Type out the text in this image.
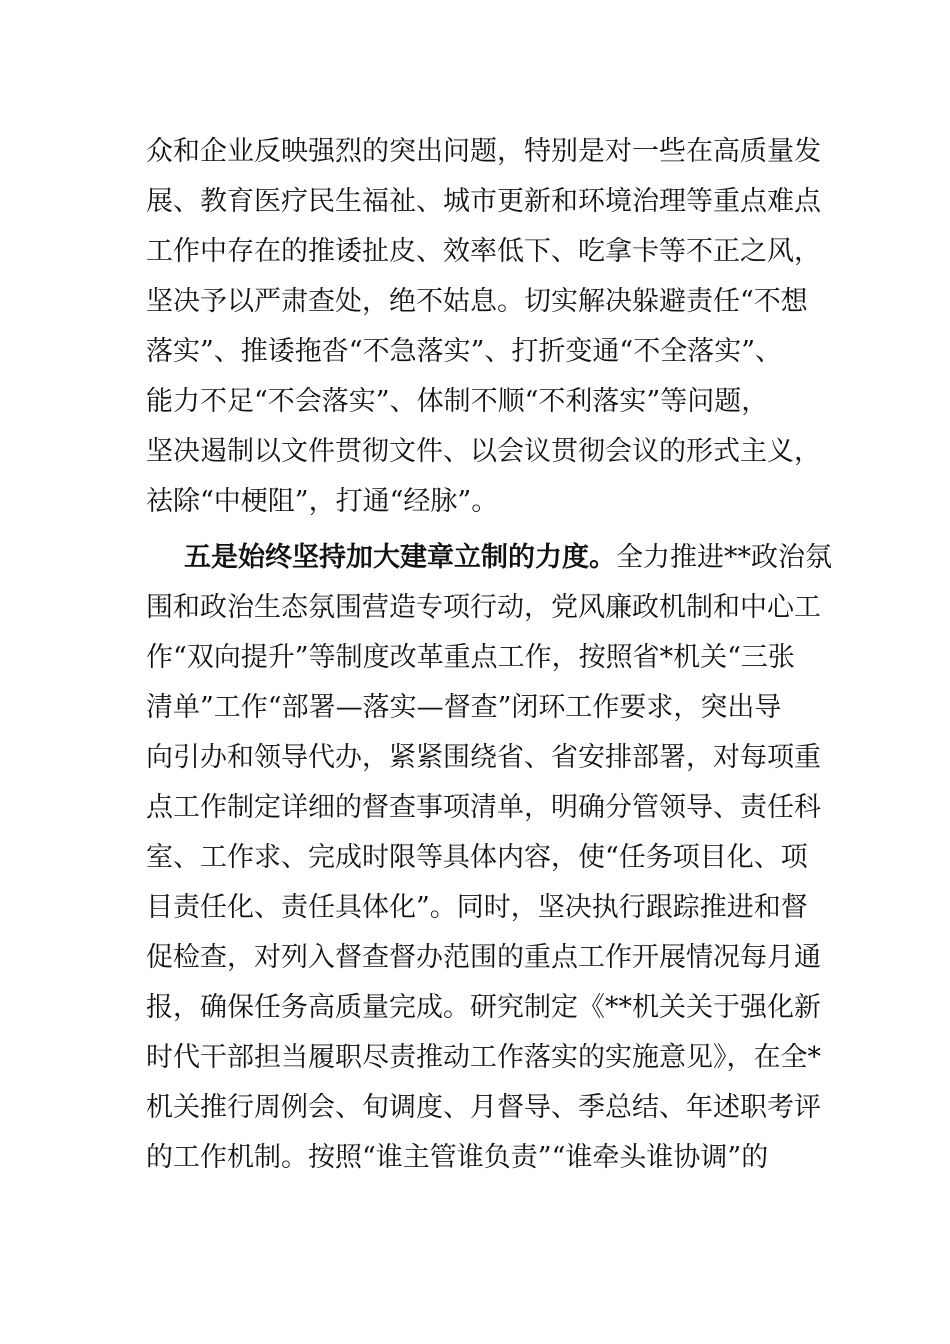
众和企业反映强烈的突出问题，特别是对一些在高质量发
展、教育医疗民生福祉、城市更新和环境治理等重点难点
工作中存在的推诿扯皮、效率低下、吃拿卡等不正之风，
坚决予以严肃查处，绝不姑息。切实解决躲避责任“不想
落实”、推诿拖沓“不急落实”、打折变通“不全落实”、
能力不足“不会落实”、体制不顺“不利落实”等问题，
坚决遏制以文件贯彻文件、以会议贯彻会议的形式主义，
祛除“中梗阻”，打通“经脉”。
五是始终坚持加大建章立制的力度。全力推进**政治氛
围和政治生态氛围营造专项行动，党风廉政机制和中心工
作“双向提升”等制度改革重点工作，按照省*机关“三张
清单”工作“部署—落实—督查”闭环工作要求，突出导
向引办和领导代办，紧紧围绕省、省安排部署，对每项重
点工作制定详细的督查事项清单，明确分管领导、责任科
室、工作求、完成时限等具体内容，使“任务项目化、项
目责任化、责任具体化”。同时，坚决执行跟踪推进和督
促检查，对列入督查督办范围的重点工作开展情况每月通
报，确保任务高质量完成。研究制定《**机关关于强化新
时代干部担当履职尽责推动工作落实的实施意见》，在全*
机关推行周例会、旬调度、月督导、季总结、年述职考评
的工作机制。按照“谁主管谁负责”“谁牵头谁协调”的
